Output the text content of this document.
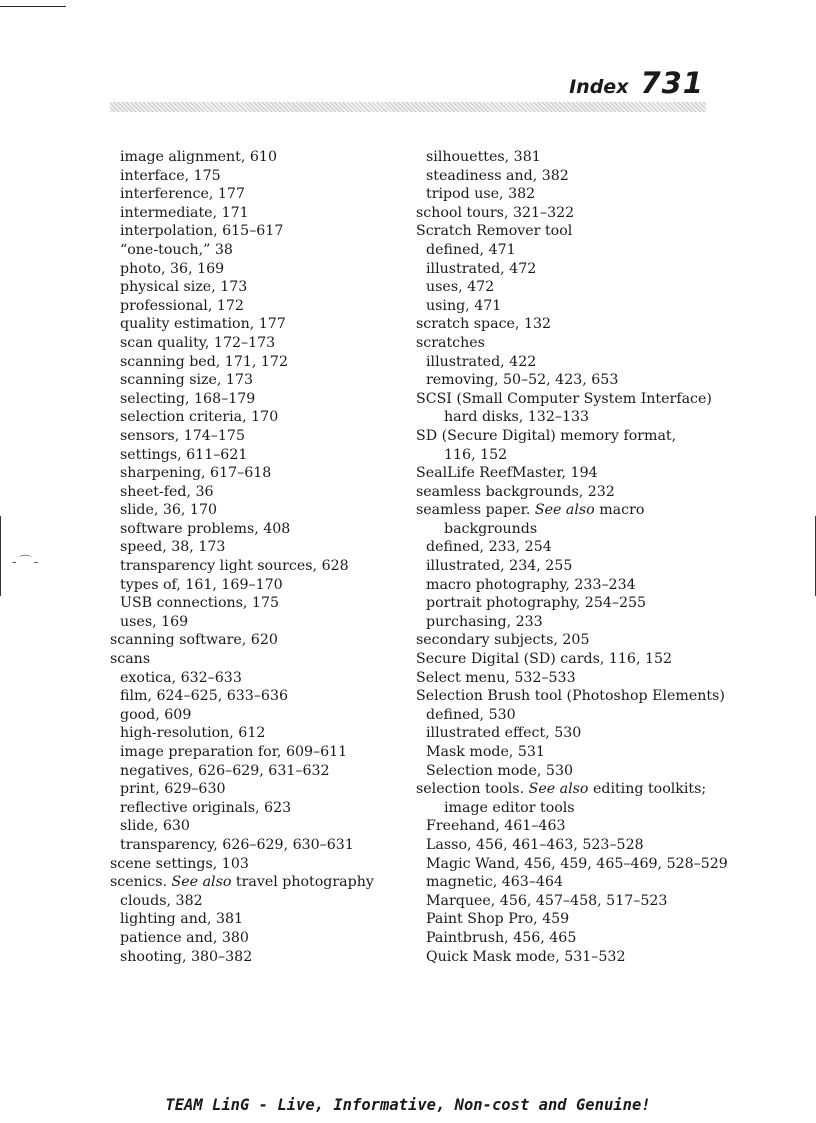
Index 731
image alignment, 610
interface, 175
interference, 177
intermediate, 171
interpolation, 615–617
“one-touch,” 38
photo, 36, 169
physical size, 173
professional, 172
quality estimation, 177
scan quality, 172–173
scanning bed, 171, 172
scanning size, 173
selecting, 168–179
selection criteria, 170
sensors, 174–175
settings, 611–621
sharpening, 617–618
sheet-fed, 36
slide, 36, 170
software problems, 408
speed, 38, 173
transparency light sources, 628
types of, 161, 169–170
USB connections, 175
uses, 169
scanning software, 620
scans
exotica, 632–633
film, 624–625, 633–636
good, 609
high-resolution, 612
image preparation for, 609–611
negatives, 626–629, 631–632
print, 629–630
reflective originals, 623
slide, 630
transparency, 626–629, 630–631
scene settings, 103
scenics. See also travel photography
clouds, 382
lighting and, 381
patience and, 380
shooting, 380–382
silhouettes, 381
steadiness and, 382
tripod use, 382
school tours, 321–322
Scratch Remover tool
defined, 471
illustrated, 472
uses, 472
using, 471
scratch space, 132
scratches
illustrated, 422
removing, 50–52, 423, 653
SCSI (Small Computer System Interface)
hard disks, 132–133
SD (Secure Digital) memory format,
116, 152
SealLife ReefMaster, 194
seamless backgrounds, 232
seamless paper. See also macro
backgrounds
defined, 233, 254
illustrated, 234, 255
macro photography, 233–234
portrait photography, 254–255
purchasing, 233
secondary subjects, 205
Secure Digital (SD) cards, 116, 152
Select menu, 532–533
Selection Brush tool (Photoshop Elements)
defined, 530
illustrated effect, 530
Mask mode, 531
Selection mode, 530
selection tools. See also editing toolkits;
image editor tools
Freehand, 461–463
Lasso, 456, 461–463, 523–528
Magic Wand, 456, 459, 465–469, 528–529
magnetic, 463–464
Marquee, 456, 457–458, 517–523
Paint Shop Pro, 459
Paintbrush, 456, 465
Quick Mask mode, 531–532
-⌒-
TEAM LinG - Live, Informative, Non-cost and Genuine!
